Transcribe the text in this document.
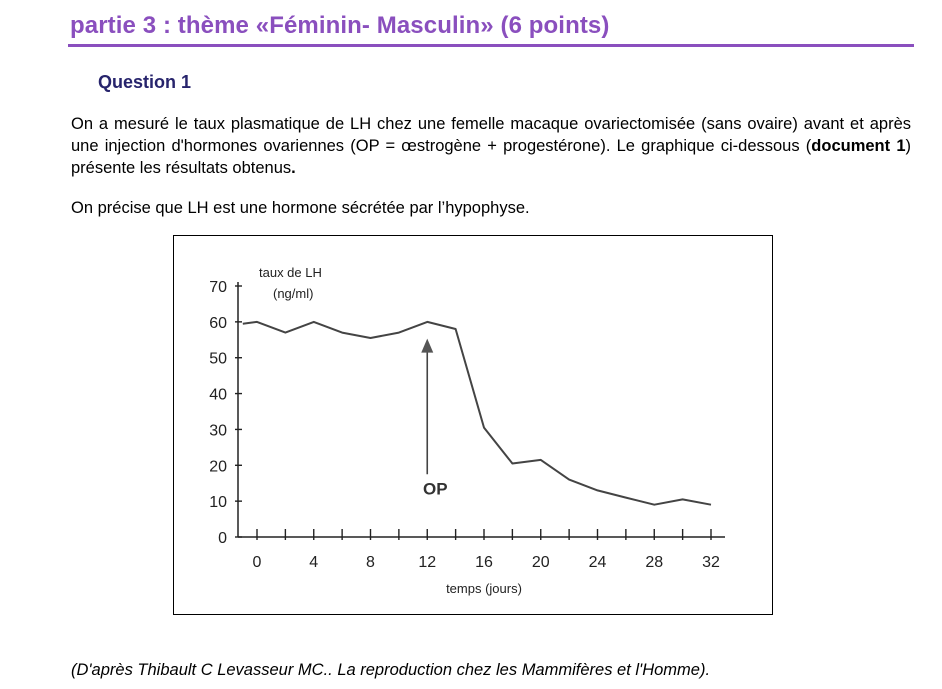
partie 3 : thème «Féminin- Masculin» (6 points)
Question 1
On a mesuré le taux plasmatique de LH chez une femelle macaque ovariectomisée (sans ovaire) avant et après une injection d'hormones ovariennes (OP = œstrogène + progestérone). Le graphique ci-dessous (document 1) présente les résultats obtenus.
On précise que LH est une hormone sécrétée par l’hypophyse.
0
10
20
30
40
50
60
70
0	4	8	12 16 20 24 28 32
taux de LH
(ng/ml)
temps (jours)
OP
(D'après Thibault C Levasseur MC.. La reproduction chez les Mammifères et l'Homme).
